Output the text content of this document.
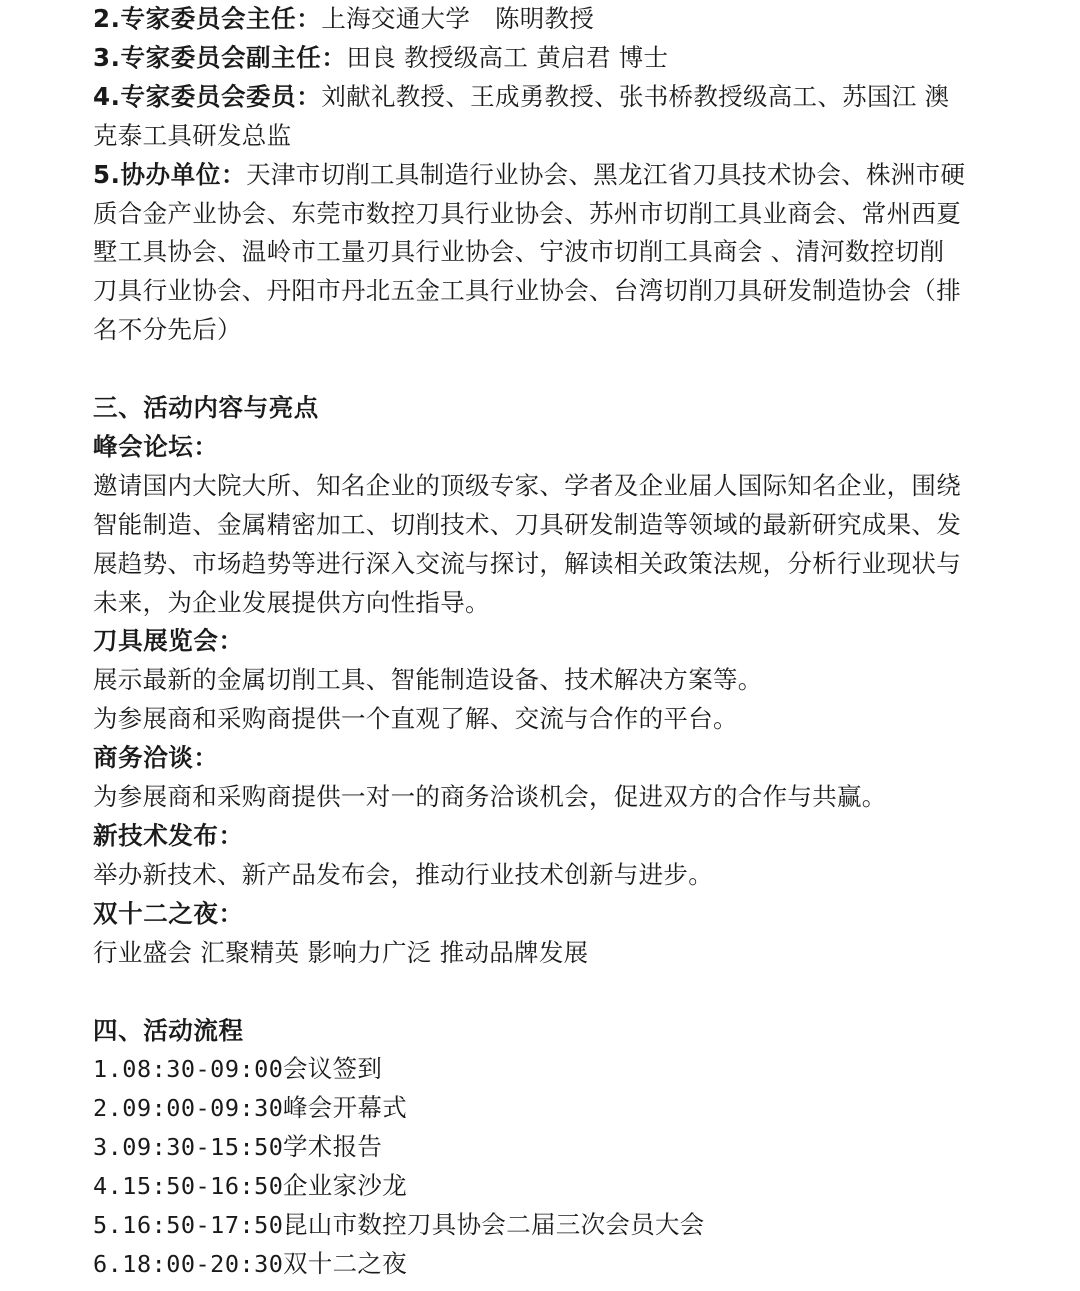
2.专家委员会主任：上海交通大学　陈明教授
3.专家委员会副主任：田良 教授级高工 黄启君 博士
4.专家委员会委员：刘献礼教授、王成勇教授、张书桥教授级高工、苏国江 澳
克泰工具研发总监
5.协办单位：天津市切削工具制造行业协会、黑龙江省刀具技术协会、株洲市硬
质合金产业协会、东莞市数控刀具行业协会、苏州市切削工具业商会、常州西夏
墅工具协会、温岭市工量刃具行业协会、宁波市切削工具商会 、清河数控切削
刀具行业协会、丹阳市丹北五金工具行业协会、台湾切削刀具研发制造协会（排
名不分先后）
三、活动内容与亮点
峰会论坛：
邀请国内大院大所、知名企业的顶级专家、学者及企业届人国际知名企业，围绕
智能制造、金属精密加工、切削技术、刀具研发制造等领域的最新研究成果、发
展趋势、市场趋势等进行深入交流与探讨，解读相关政策法规，分析行业现状与
未来，为企业发展提供方向性指导。
刀具展览会：
展示最新的金属切削工具、智能制造设备、技术解决方案等。
为参展商和采购商提供一个直观了解、交流与合作的平台。
商务洽谈：
为参展商和采购商提供一对一的商务洽谈机会，促进双方的合作与共赢。
新技术发布：
举办新技术、新产品发布会，推动行业技术创新与进步。
双十二之夜：
行业盛会 汇聚精英 影响力广泛 推动品牌发展
四、活动流程
1.08:30-09:00会议签到
2.09:00-09:30峰会开幕式
3.09:30-15:50学术报告
4.15:50-16:50企业家沙龙
5.16:50-17:50昆山市数控刀具协会二届三次会员大会
6.18:00-20:30双十二之夜
